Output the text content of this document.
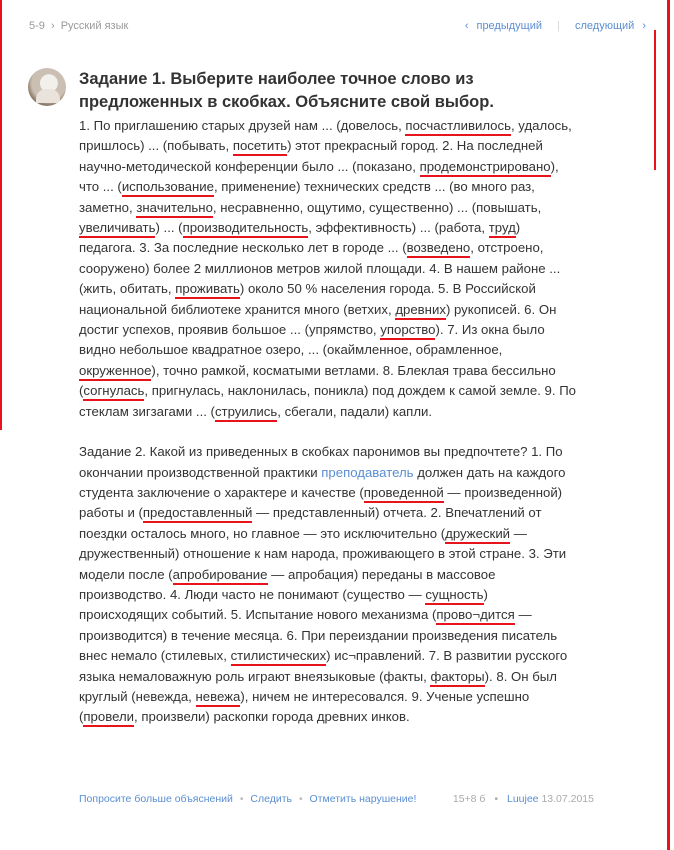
5-9 › Русский язык	‹ предыдущий | следующий ›
Задание 1. Выберите наиболее точное слово из предложенных в скобках. Объясните свой выбор.

1. По приглашению старых друзей нам ... (довелось, посчастливилось, удалось, пришлось) ... (побывать, посетить) этот прекрасный город. 2. На последней научно-методической конференции было ... (показано, продемонстрировано), что ... (использование, применение) технических средств ... (во много раз, заметно, значительно, несравненно, ощутимо, существенно) ... (повышать, увеличивать) ... (производительность, эффективность) ... (работа, труд) педагога. 3. За последние несколько лет в городе ... (возведено, отстроено, сооружено) более 2 миллионов метров жилой площади. 4. В нашем районе ... (жить, обитать, проживать) около 50 % населения города. 5. В Российской национальной библиотеке хранится много (ветхих, древних) рукописей. 6. Он достиг успехов, проявив большое ... (упрямство, упорство). 7. Из окна было видно небольшое квадратное озеро, ... (окаймленное, обрамленное, окруженное), точно рамкой, косматыми ветлами. 8. Блеклая трава бессильно (согнулась, пригнулась, наклонилась, поникла) под дождем к самой земле. 9. По стеклам зигзагами ... (струились, сбегали, падали) капли.

Задание 2. Какой из приведенных в скобках паронимов вы предпочтете? 1. По окончании производственной практики преподаватель должен дать на каждого студента заключение о характере и качестве (проведенной — произведенной) работы и (предоставленный — представленный) отчета. 2. Впечатлений от поездки осталось много, но главное — это исключительно (дружеский — дружественный) отношение к нам народа, проживающего в этой стране. 3. Эти модели после (апробирование — апробация) переданы в массовое производство. 4. Люди часто не понимают (существо — сущность) происходящих событий. 5. Испытание нового механизма (прово¬дится — производится) в течение месяца. 6. При переиздании произведения писатель внес немало (стилевых, стилистических) ис¬правлений. 7. В развитии русского языка немаловажную роль играют внеязыковые (факты, факторы). 8. Он был круглый (невежда, невежа), ничем не интересовался. 9. Ученые успешно (провели, произвели) раскопки города древних инков.

Попросите больше объяснений • Следить • Отметить нарушение!	15+8 б • Luujee 13.07.2015
